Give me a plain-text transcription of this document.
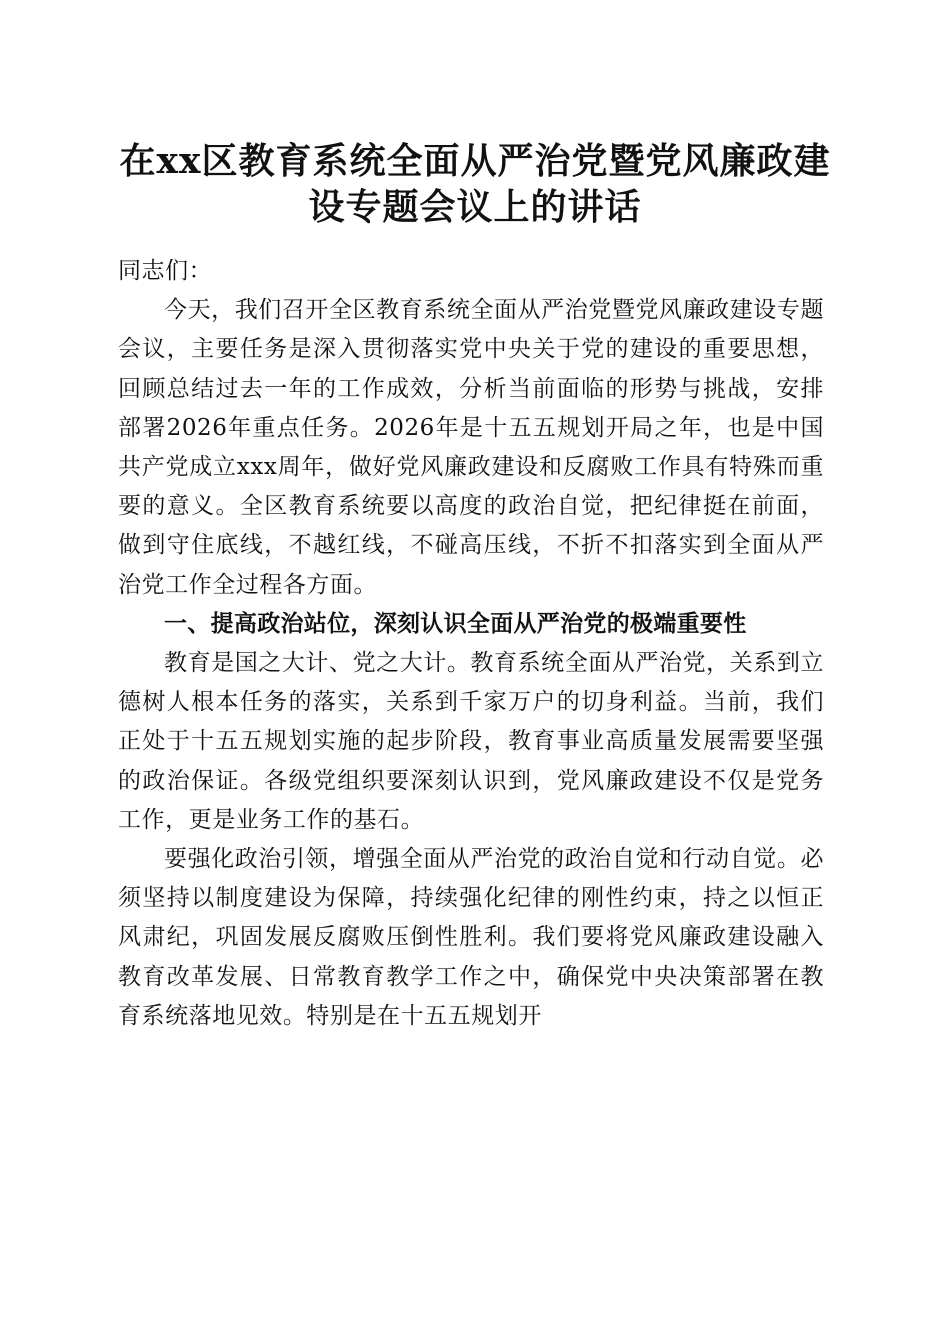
在xx区教育系统全面从严治党暨党风廉政建
设专题会议上的讲话

同志们：

今天，我们召开全区教育系统全面从严治党暨党风廉政建设专题会议，主要任务是深入贯彻落实党中央关于党的建设的重要思想，回顾总结过去一年的工作成效，分析当前面临的形势与挑战，安排部署2026年重点任务。2026年是十五五规划开局之年，也是中国共产党成立xxx周年，做好党风廉政建设和反腐败工作具有特殊而重要的意义。全区教育系统要以高度的政治自觉，把纪律挺在前面，做到守住底线，不越红线，不碰高压线，不折不扣落实到全面从严治党工作全过程各方面。

一、提高政治站位，深刻认识全面从严治党的极端重要性

教育是国之大计、党之大计。教育系统全面从严治党，关系到立德树人根本任务的落实，关系到千家万户的切身利益。当前，我们正处于十五五规划实施的起步阶段，教育事业高质量发展需要坚强的政治保证。各级党组织要深刻认识到，党风廉政建设不仅是党务工作，更是业务工作的基石。

要强化政治引领，增强全面从严治党的政治自觉和行动自觉。必须坚持以制度建设为保障，持续强化纪律的刚性约束，持之以恒正风肃纪，巩固发展反腐败压倒性胜利。我们要将党风廉政建设融入教育改革发展、日常教育教学工作之中，确保党中央决策部署在教育系统落地见效。特别是在十五五规划开
